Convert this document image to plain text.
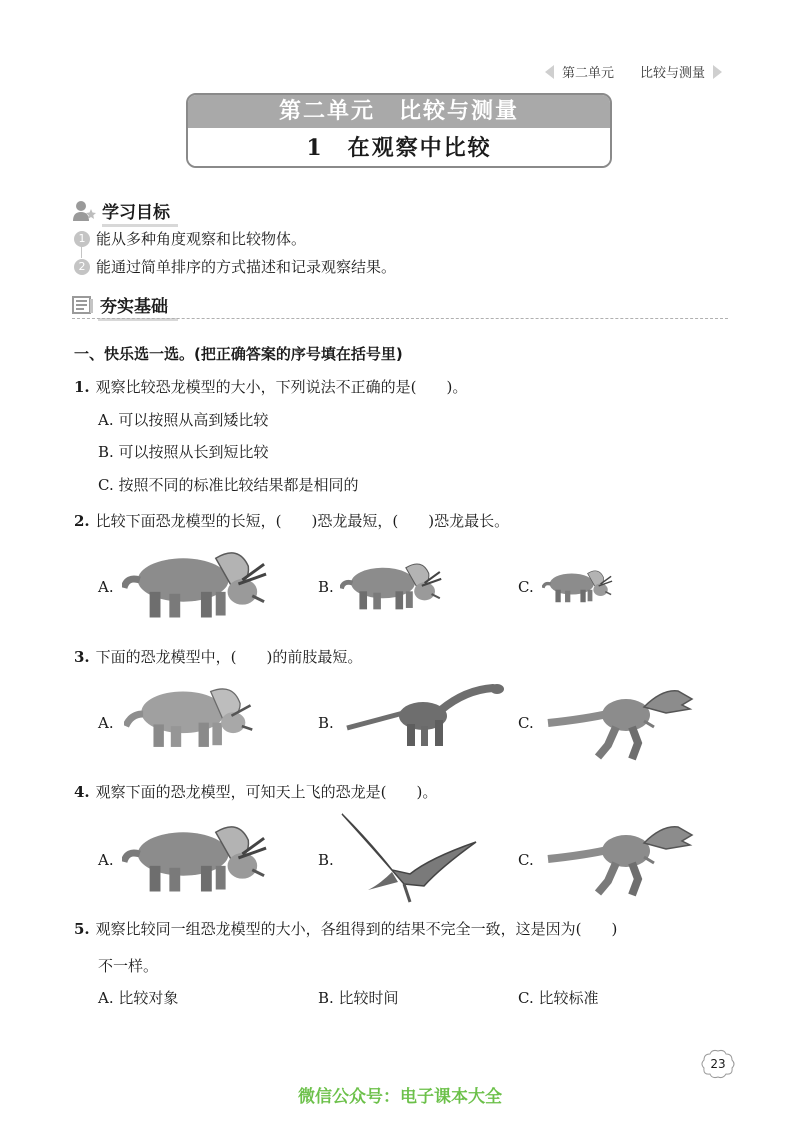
第二单元 比较与测量
第二单元　比较与测量
1　在观察中比较
学习目标
1 能从多种角度观察和比较物体。
2 能通过简单排序的方式描述和记录观察结果。
夯实基础
一、快乐选一选。(把正确答案的序号填在括号里)
1. 观察比较恐龙模型的大小，下列说法不正确的是(　　)。
A. 可以按照从高到矮比较
B. 可以按照从长到短比较
C. 按照不同的标准比较结果都是相同的
2. 比较下面恐龙模型的长短，(　　)恐龙最短，(　　)恐龙最长。
A.	B.	C.
3. 下面的恐龙模型中，(　　)的前肢最短。
A.	B.	C.
4. 观察下面的恐龙模型，可知天上飞的恐龙是(　　)。
A.	B.	C.
5. 观察比较同一组恐龙模型的大小，各组得到的结果不完全一致，这是因为(　　)
不一样。
A. 比较对象	B. 比较时间	C. 比较标准
23
微信公众号：电子课本大全
